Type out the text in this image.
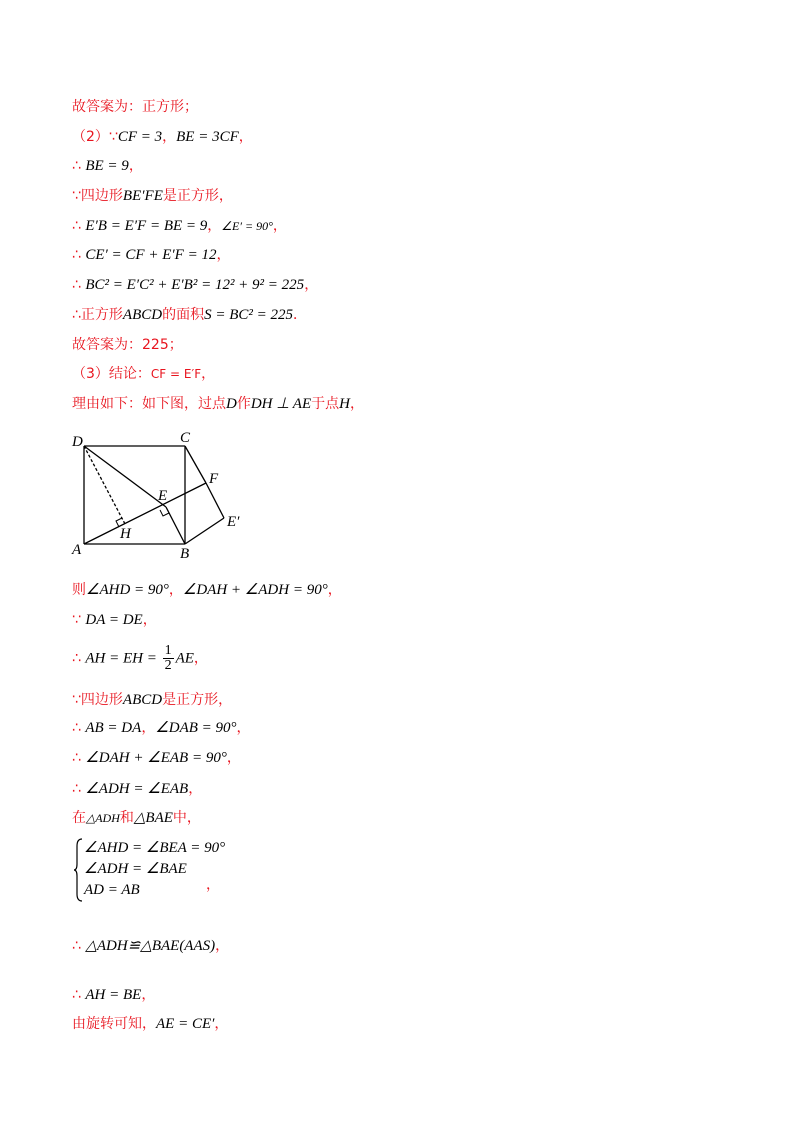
故答案为：正方形；
（2）∵CF = 3，BE = 3CF，
∴ BE = 9，
∵四边形BE′FE是正方形，
∴ E′B = E′F = BE = 9，∠E′ = 90°，
∴ CE′ = CF + E′F = 12，
∴ BC² = E′C² + E′B² = 12² + 9² = 225，
∴正方形ABCD的面积S = BC² = 225．
故答案为：225；
（3）结论：CF = E′F，
理由如下：如下图，过点D作DH ⊥ AE于点H，
D	C
F
E
E′
H
A	B
则∠AHD = 90°，∠DAH + ∠ADH = 90°，
∵ DA = DE，
∴ AH = EH = $\frac{1}{2}$ AE，
∵四边形ABCD是正方形，
∴ AB = DA，∠DAB = 90°，
∴ ∠DAH + ∠EAB = 90°，
∴ ∠ADH = ∠EAB，
在△ADH和△BAE中，
∠AHD = ∠BEA = 90°
∠ADH = ∠BAE
AD = AB	，
∴ △ADH≌△BAE(AAS)，
∴ AH = BE，
由旋转可知，AE = CE′，
